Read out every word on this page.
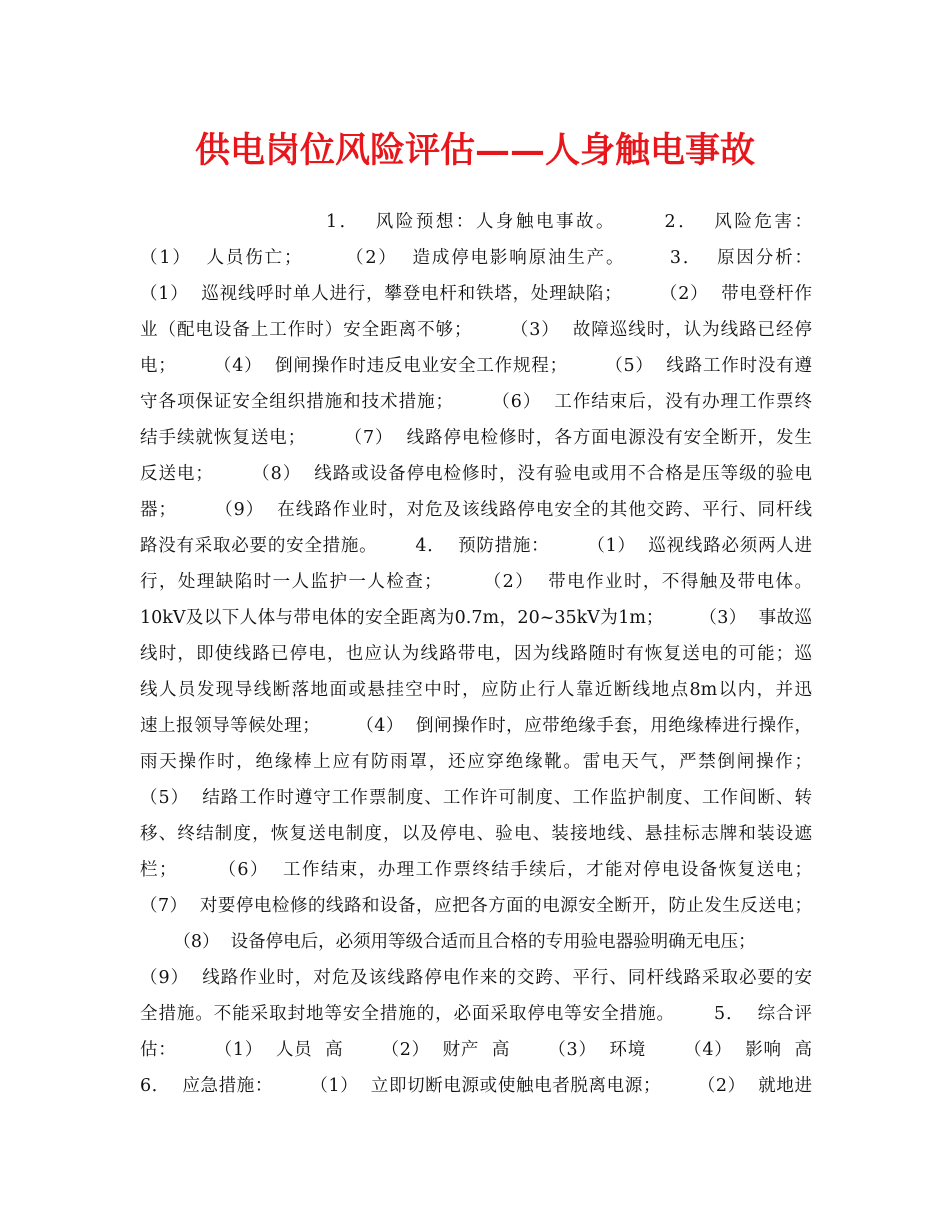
供电岗位风险评估——人身触电事故
1．  风险预想：人身触电事故。      2．  风险危害：
（1）  人员伤亡；      （2）  造成停电影响原油生产。      3．  原因分析：
（1）  巡视线呼时单人进行，攀登电杆和铁塔，处理缺陷；      （2）  带电登杆作
业（配电设备上工作时）安全距离不够；      （3）  故障巡线时，认为线路已经停
电；      （4）  倒闸操作时违反电业安全工作规程；      （5）  线路工作时没有遵
守各项保证安全组织措施和技术措施；      （6）  工作结束后，没有办理工作票终
结手续就恢复送电；      （7）  线路停电检修时，各方面电源没有安全断开，发生
反送电；      （8）  线路或设备停电检修时，没有验电或用不合格是压等级的验电
器；      （9）  在线路作业时，对危及该线路停电安全的其他交跨、平行、同杆线
路没有采取必要的安全措施。      4．  预防措施：      （1）  巡视线路必须两人进
行，处理缺陷时一人监护一人检查；      （2）  带电作业时，不得触及带电体。
10kV及以下人体与带电体的安全距离为0.7m，20~35kV为1m；      （3）  事故巡
线时，即使线路已停电，也应认为线路带电，因为线路随时有恢复送电的可能；巡
线人员发现导线断落地面或悬挂空中时，应防止行人靠近断线地点8m以内，并迅
速上报领导等候处理；      （4）  倒闸操作时，应带绝缘手套，用绝缘棒进行操作，
雨天操作时，绝缘棒上应有防雨罩，还应穿绝缘靴。雷电天气，严禁倒闸操作；
（5）  结路工作时遵守工作票制度、工作许可制度、工作监护制度、工作间断、转
移、终结制度，恢复送电制度，以及停电、验电、装接地线、悬挂标志牌和装设遮
栏；      （6）  工作结束，办理工作票终结手续后，才能对停电设备恢复送电；
（7）  对要停电检修的线路和设备，应把各方面的电源安全断开，防止发生反送电；
（8）  设备停电后，必须用等级合适而且合格的专用验电器验明确无电压；
（9）  线路作业时，对危及该线路停电作来的交跨、平行、同杆线路采取必要的安
全措施。不能采取封地等安全措施的，必面采取停电等安全措施。      5．  综合评
估：      （1）  人员  高      （2）  财产  高      （3）  环境      （4）  影响  高
6．  应急措施：      （1）  立即切断电源或使触电者脱离电源；      （2）  就地进
